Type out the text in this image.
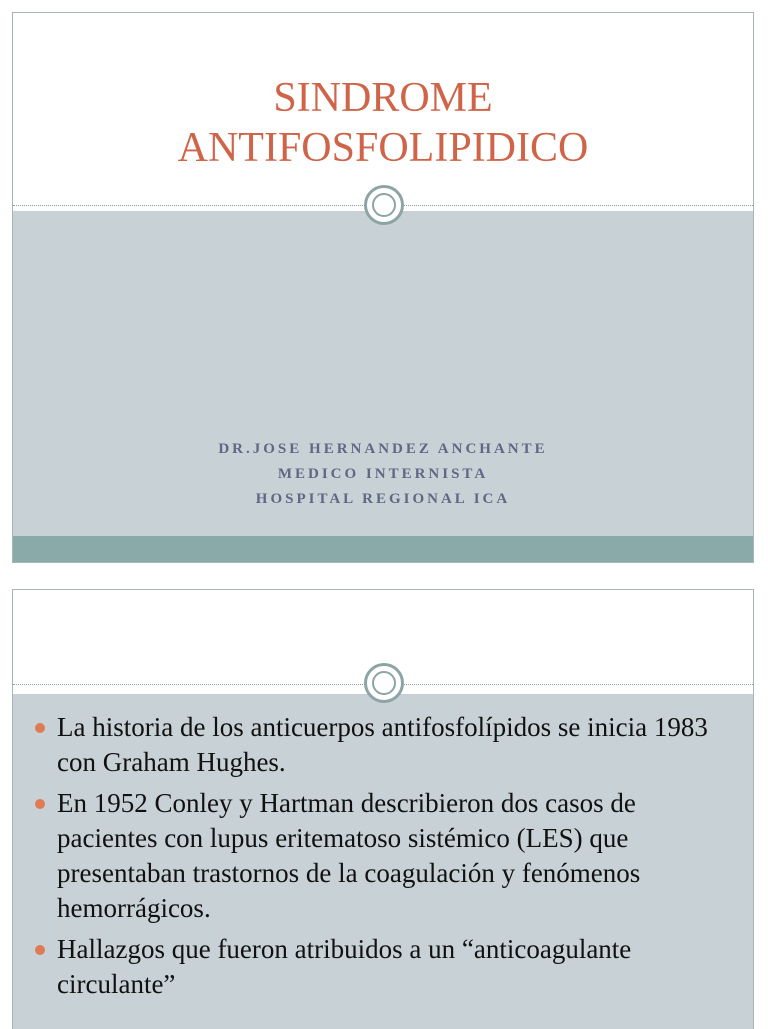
SINDROME
ANTIFOSFOLIPIDICO
DR.JOSE HERNANDEZ ANCHANTE
MEDICO INTERNISTA
HOSPITAL REGIONAL ICA
La historia de los anticuerpos antifosfolípidos se inicia 1983 con Graham Hughes.
En 1952 Conley y Hartman describieron dos casos de pacientes con lupus eritematoso sistémico (LES) que presentaban trastornos de la coagulación y fenómenos hemorrágicos.
Hallazgos que fueron atribuidos a un “anticoagulante circulante”
